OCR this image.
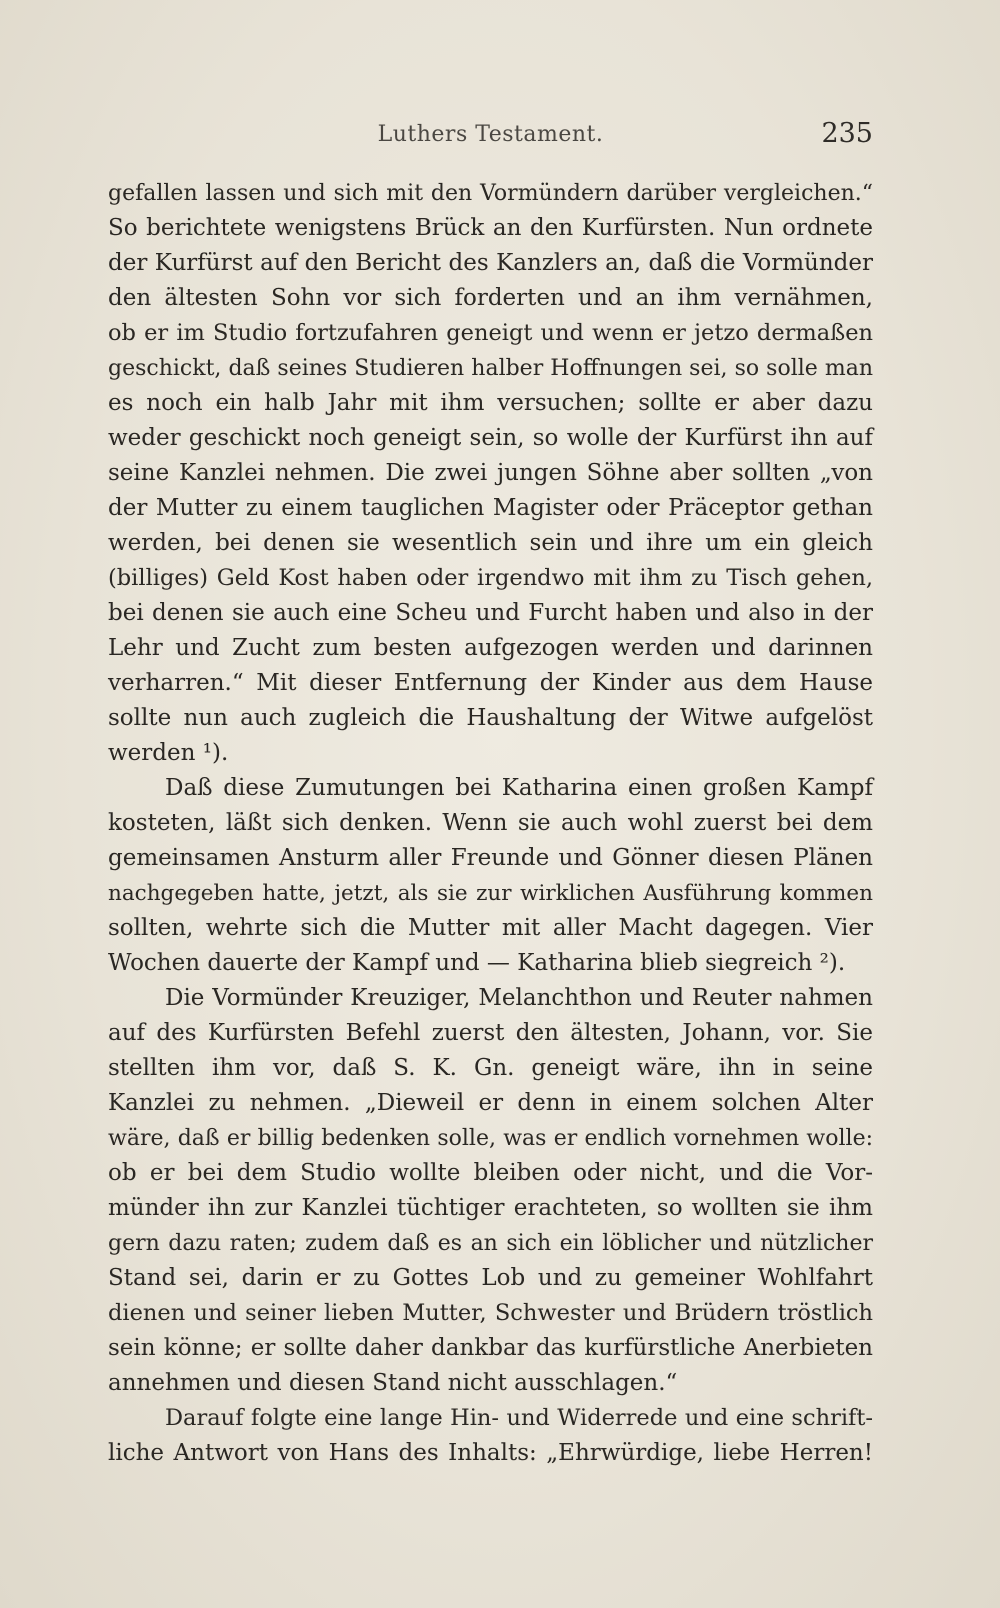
Luthers Testament.	235
gefallen lassen und sich mit den Vormündern darüber vergleichen.“
So berichtete wenigstens Brück an den Kurfürsten. Nun ordnete
der Kurfürst auf den Bericht des Kanzlers an, daß die Vormünder
den ältesten Sohn vor sich forderten und an ihm vernähmen,
ob er im Studio fortzufahren geneigt und wenn er jetzo dermaßen
geschickt, daß seines Studieren halber Hoffnungen sei, so solle man
es noch ein halb Jahr mit ihm versuchen; sollte er aber dazu
weder geschickt noch geneigt sein, so wolle der Kurfürst ihn auf
seine Kanzlei nehmen. Die zwei jungen Söhne aber sollten „von
der Mutter zu einem tauglichen Magister oder Präceptor gethan
werden, bei denen sie wesentlich sein und ihre um ein gleich
(billiges) Geld Kost haben oder irgendwo mit ihm zu Tisch gehen,
bei denen sie auch eine Scheu und Furcht haben und also in der
Lehr und Zucht zum besten aufgezogen werden und darinnen
verharren.“ Mit dieser Entfernung der Kinder aus dem Hause
sollte nun auch zugleich die Haushaltung der Witwe aufgelöst
werden ¹).
Daß diese Zumutungen bei Katharina einen großen Kampf
kosteten, läßt sich denken. Wenn sie auch wohl zuerst bei dem
gemeinsamen Ansturm aller Freunde und Gönner diesen Plänen
nachgegeben hatte, jetzt, als sie zur wirklichen Ausführung kommen
sollten, wehrte sich die Mutter mit aller Macht dagegen. Vier
Wochen dauerte der Kampf und — Katharina blieb siegreich ²).
Die Vormünder Kreuziger, Melanchthon und Reuter nahmen
auf des Kurfürsten Befehl zuerst den ältesten, Johann, vor. Sie
stellten ihm vor, daß S. K. Gn. geneigt wäre, ihn in seine
Kanzlei zu nehmen. „Dieweil er denn in einem solchen Alter
wäre, daß er billig bedenken solle, was er endlich vornehmen wolle:
ob er bei dem Studio wollte bleiben oder nicht, und die Vor-
münder ihn zur Kanzlei tüchtiger erachteten, so wollten sie ihm
gern dazu raten; zudem daß es an sich ein löblicher und nützlicher
Stand sei, darin er zu Gottes Lob und zu gemeiner Wohlfahrt
dienen und seiner lieben Mutter, Schwester und Brüdern tröstlich
sein könne; er sollte daher dankbar das kurfürstliche Anerbieten
annehmen und diesen Stand nicht ausschlagen.“
Darauf folgte eine lange Hin- und Widerrede und eine schrift-
liche Antwort von Hans des Inhalts: „Ehrwürdige, liebe Herren!
